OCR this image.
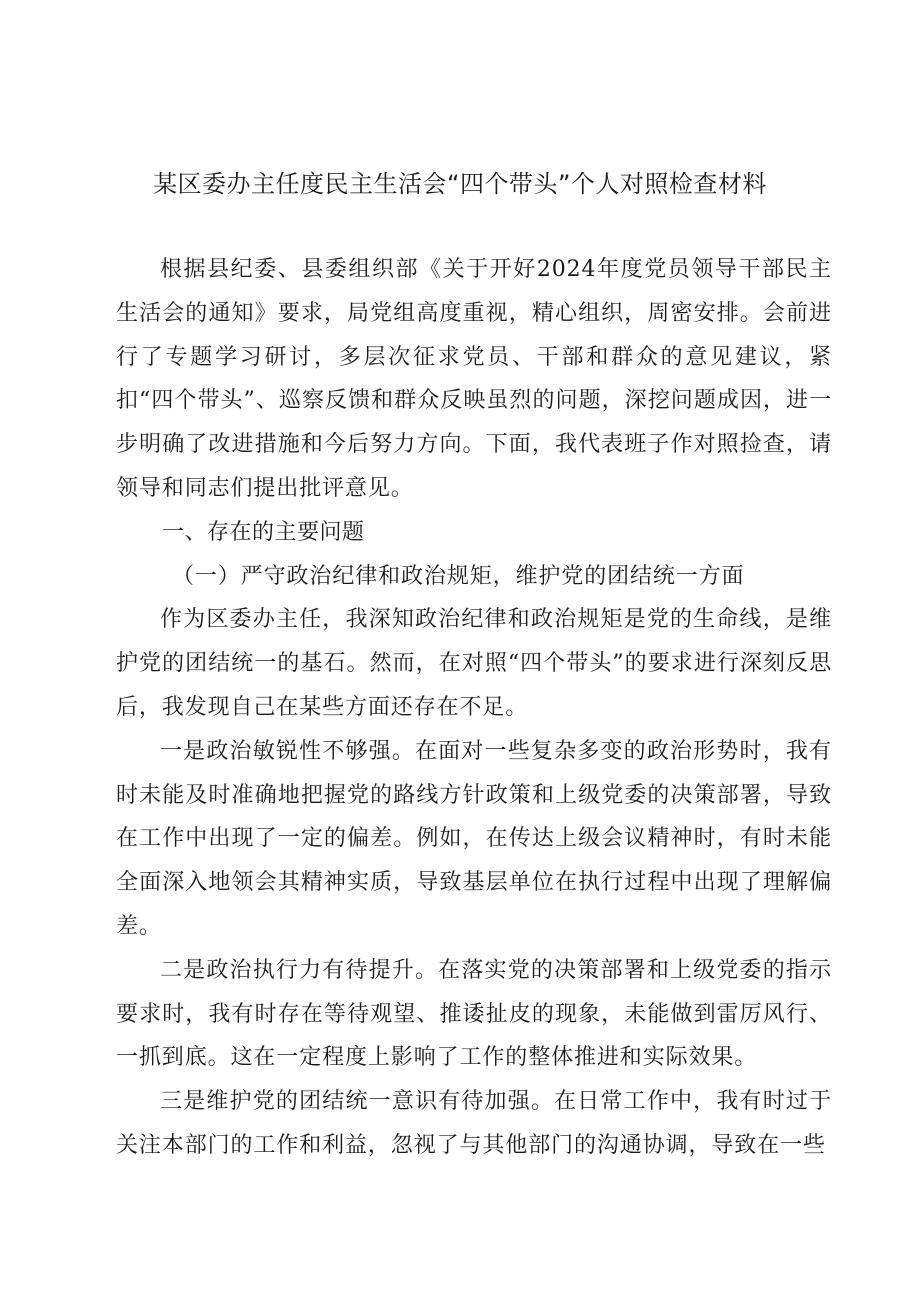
某区委办主任度民主生活会“四个带头”个人对照检查材料

根据县纪委、县委组织部《关于开好2024年度党员领导干部民主生活会的通知》要求，局党组高度重视，精心组织，周密安排。会前进行了专题学习研讨，多层次征求党员、干部和群众的意见建议，紧扣“四个带头”、巡察反馈和群众反映虽烈的问题，深挖问题成因，进一步明确了改进措施和今后努力方向。下面，我代表班子作对照捡查，请领导和同志们提出批评意见。

一、存在的主要问题

（一）严守政治纪律和政治规矩，维护党的团结统一方面

作为区委办主任，我深知政治纪律和政治规矩是党的生命线，是维护党的团结统一的基石。然而，在对照“四个带头”的要求进行深刻反思后，我发现自己在某些方面还存在不足。

一是政治敏锐性不够强。在面对一些复杂多变的政治形势时，我有时未能及时准确地把握党的路线方针政策和上级党委的决策部署，导致在工作中出现了一定的偏差。例如，在传达上级会议精神时，有时未能全面深入地领会其精神实质，导致基层单位在执行过程中出现了理解偏差。

二是政治执行力有待提升。在落实党的决策部署和上级党委的指示要求时，我有时存在等待观望、推诿扯皮的现象，未能做到雷厉风行、一抓到底。这在一定程度上影响了工作的整体推进和实际效果。

三是维护党的团结统一意识有待加强。在日常工作中，我有时过于关注本部门的工作和利益，忽视了与其他部门的沟通协调，导致在一些
